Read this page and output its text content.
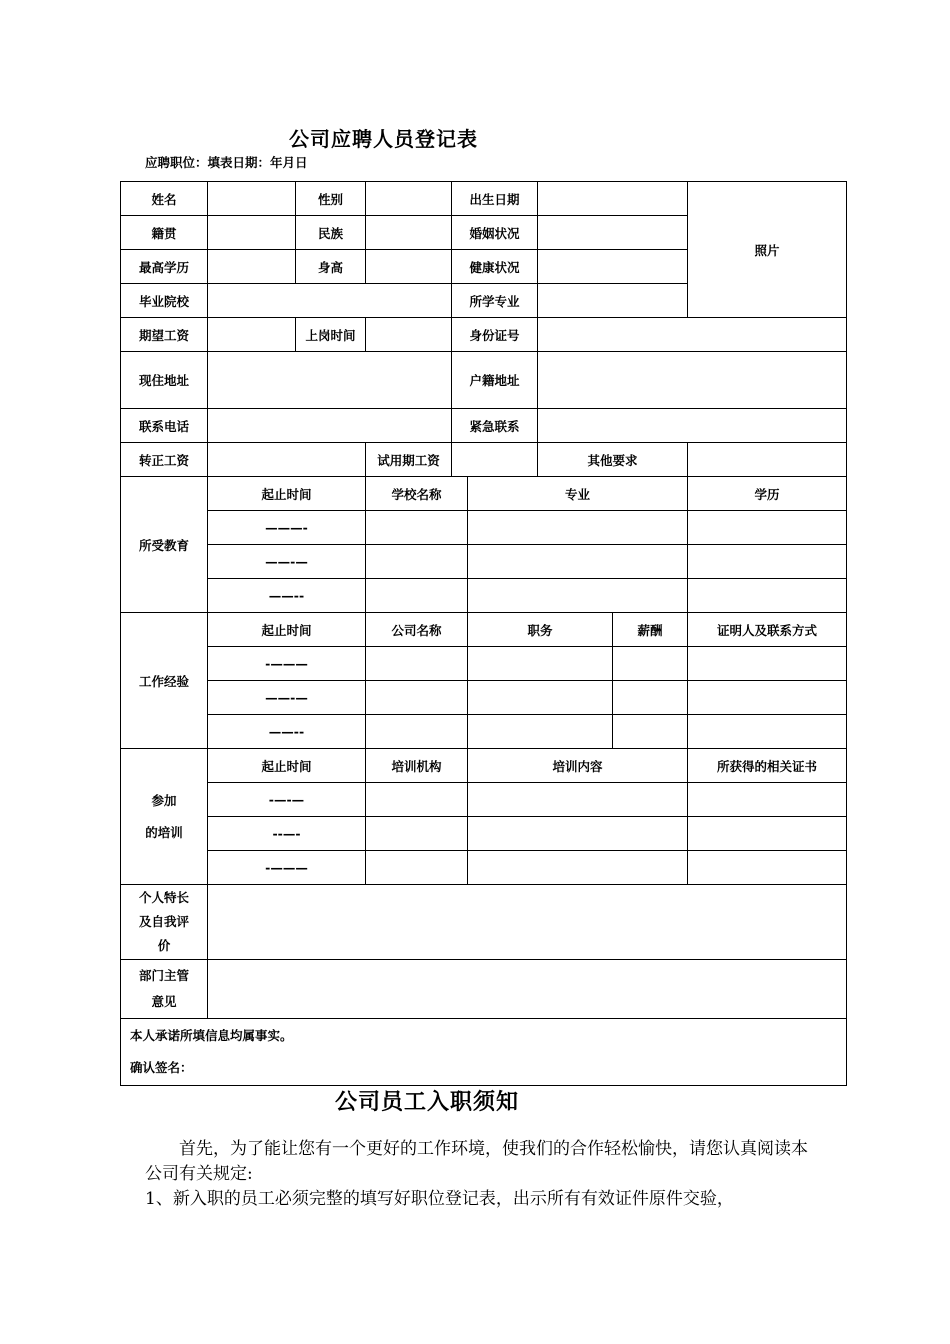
公司应聘人员登记表
应聘职位：填表日期：年月日
姓名		性别		出生日期				照片
籍贯		民族		婚姻状况				
最高学历		身高		健康状况				
毕业院校				所学专业				
期望工资		上岗时间		身份证号				
现住地址				户籍地址				
联系电话				紧急联系				
转正工资			试用期工资			其他要求		
所受教育	起止时间		学校名称		专业			学历
	———-							
	——-—							
	——--							
工作经验	起止时间		公司名称		职务		薪酬	证明人及联系方式
	-———							
	——-—							
	——--							

参加
的培训	起止时间		培训机构		培训内容			所获得的相关证书
	-—-—							
	--—-							
	-———							

个人特长
及自我评
价								

部门主管
意见								

本人承诺所填信息均属事实。
确认签名：								
公司员工入职须知
首先，为了能让您有一个更好的工作环境，使我们的合作轻松愉快，请您认真阅读本公司有关规定:
1、新入职的员工必须完整的填写好职位登记表，出示所有有效证件原件交验，
